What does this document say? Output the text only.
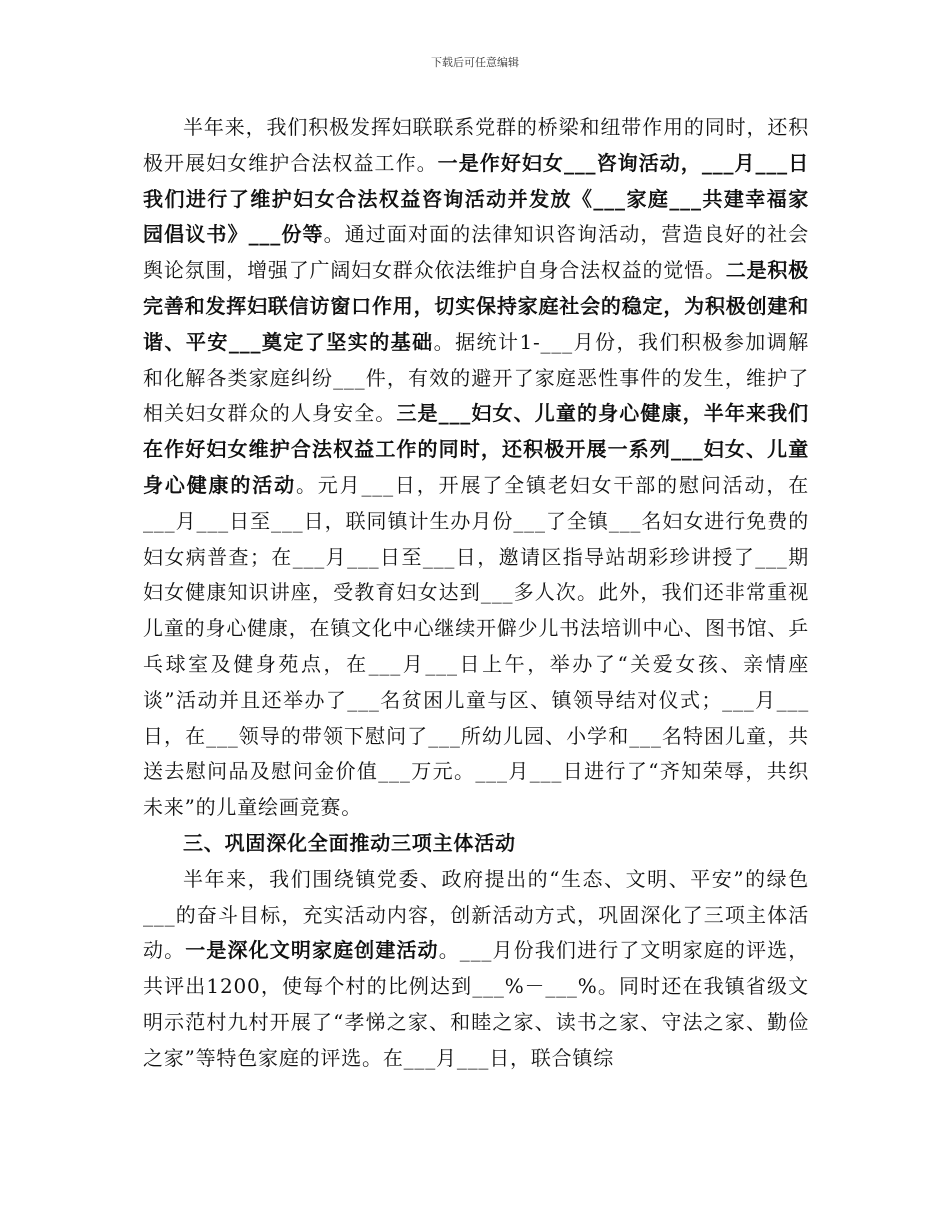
下载后可任意编辑

半年来，我们积极发挥妇联联系党群的桥梁和纽带作用的同时，还积极开展妇女维护合法权益工作。一是作好妇女___咨询活动，___月___日我们进行了维护妇女合法权益咨询活动并发放《___家庭___共建幸福家园倡议书》___份等。通过面对面的法律知识咨询活动，营造良好的社会舆论氛围，增强了广阔妇女群众依法维护自身合法权益的觉悟。二是积极完善和发挥妇联信访窗口作用，切实保持家庭社会的稳定，为积极创建和谐、平安___奠定了坚实的基础。据统计1-___月份，我们积极参加调解和化解各类家庭纠纷___件，有效的避开了家庭恶性事件的发生，维护了相关妇女群众的人身安全。三是___妇女、儿童的身心健康，半年来我们在作好妇女维护合法权益工作的同时，还积极开展一系列___妇女、儿童身心健康的活动。元月___日，开展了全镇老妇女干部的慰问活动，在___月___日至___日，联同镇计生办月份___了全镇___名妇女进行免费的妇女病普查；在___月___日至___日，邀请区指导站胡彩珍讲授了___期妇女健康知识讲座，受教育妇女达到___多人次。此外，我们还非常重视儿童的身心健康，在镇文化中心继续开僻少儿书法培训中心、图书馆、乒乓球室及健身苑点，在___月___日上午，举办了“关爱女孩、亲情座谈”活动并且还举办了___名贫困儿童与区、镇领导结对仪式；___月___日，在___领导的带领下慰问了___所幼儿园、小学和___名特困儿童，共送去慰问品及慰问金价值___万元。___月___日进行了“齐知荣辱，共织未来”的儿童绘画竞赛。

三、巩固深化全面推动三项主体活动

半年来，我们围绕镇党委、政府提出的“生态、文明、平安”的绿色___的奋斗目标，充实活动内容，创新活动方式，巩固深化了三项主体活动。一是深化文明家庭创建活动。___月份我们进行了文明家庭的评选，共评出1200，使每个村的比例达到___%－___%。同时还在我镇省级文明示范村九村开展了“孝悌之家、和睦之家、读书之家、守法之家、勤俭之家”等特色家庭的评选。在___月___日，联合镇综
